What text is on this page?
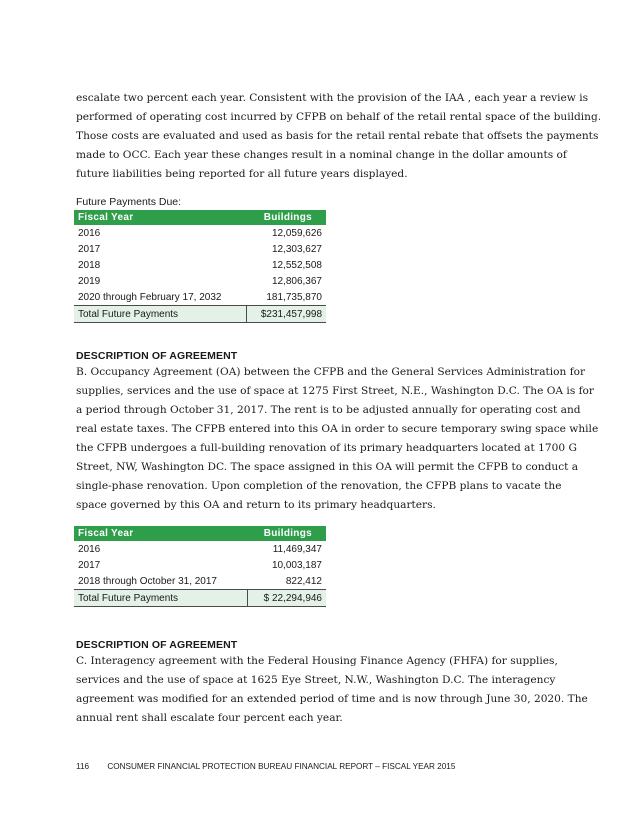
escalate two percent each year. Consistent with the provision of the IAA , each year a review is
performed of operating cost incurred by CFPB on behalf of the retail rental space of the building.
Those costs are evaluated and used as basis for the retail rental rebate that offsets the payments
made to OCC. Each year these changes result in a nominal change in the dollar amounts of
future liabilities being reported for all future years displayed.

Future Payments Due:
Fiscal Year	Buildings
2016	12,059,626
2017	12,303,627
2018	12,552,508
2019	12,806,367
2020 through February 17, 2032	181,735,870
Total Future Payments	$231,457,998
DESCRIPTION OF AGREEMENT

B. Occupancy Agreement (OA) between the CFPB and the General Services Administration for
supplies, services and the use of space at 1275 First Street, N.E., Washington D.C. The OA is for
a period through October 31, 2017. The rent is to be adjusted annually for operating cost and
real estate taxes. The CFPB entered into this OA in order to secure temporary swing space while
the CFPB undergoes a full-building renovation of its primary headquarters located at 1700 G
Street, NW, Washington DC. The space assigned in this OA will permit the CFPB to conduct a
single-phase renovation. Upon completion of the renovation, the CFPB plans to vacate the
space governed by this OA and return to its primary headquarters.

Fiscal Year	Buildings
2016	11,469,347
2017	10,003,187
2018 through October 31, 2017	822,412
Total Future Payments	$ 22,294,946
DESCRIPTION OF AGREEMENT

C. Interagency agreement with the Federal Housing Finance Agency (FHFA) for supplies,
services and the use of space at 1625 Eye Street, N.W., Washington D.C. The interagency
agreement was modified for an extended period of time and is now through June 30, 2020. The
annual rent shall escalate four percent each year.

116 CONSUMER FINANCIAL PROTECTION BUREAU FINANCIAL REPORT – FISCAL YEAR 2015
